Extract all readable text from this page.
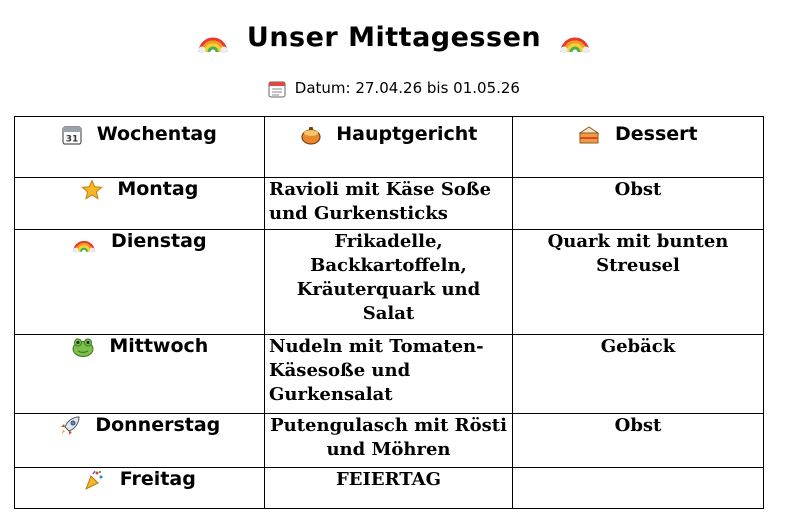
Unser Mittagessen
Datum: 27.04.26 bis 01.05.26
31 Wochentag	Hauptgericht	Dessert
Montag	Ravioli mit Käse Soße und Gurkensticks	Obst
Dienstag	Frikadelle, Backkartoffeln, Kräuterquark und Salat	Quark mit bunten Streusel
Mittwoch	Nudeln mit Tomaten-Käsesoße und Gurkensalat	Gebäck
Donnerstag	Putengulasch mit Rösti und Möhren	Obst
Freitag	FEIERTAG	
